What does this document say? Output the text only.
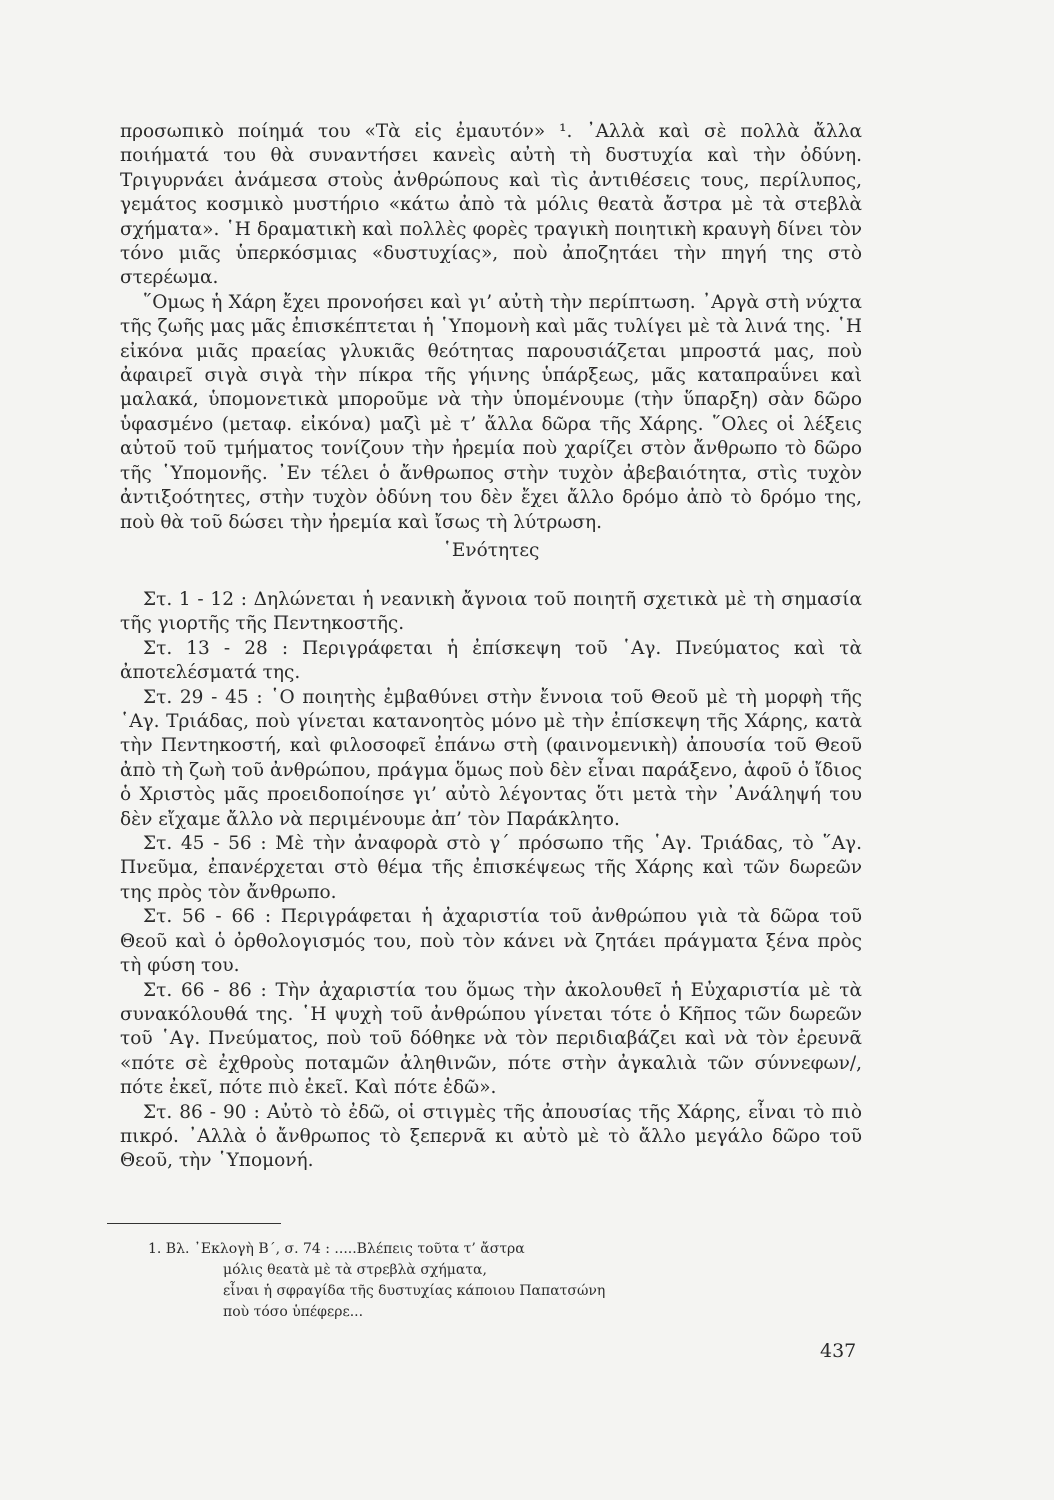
προσωπικὸ ποίημά του «Τὰ εἰς ἐμαυτόν» ¹. ᾿Αλλὰ καὶ σὲ πολλὰ ἄλλα ποιήματά του θὰ συναντήσει κανεὶς αὐτὴ τὴ δυστυχία καὶ τὴν ὀδύνη. Τριγυρνάει ἀνάμεσα στοὺς ἀνθρώπους καὶ τὶς ἀντιθέσεις τους, περίλυπος, γεμάτος κοσμικὸ μυστήριο «κάτω ἀπὸ τὰ μόλις θεατὰ ἄστρα μὲ τὰ στεβλὰ σχήματα». ῾Η δραματικὴ καὶ πολλὲς φορὲς τραγικὴ ποιητικὴ κραυγὴ δίνει τὸν τόνο μιᾶς ὑπερκόσμιας «δυστυχίας», ποὺ ἀποζητάει τὴν πηγή της στὸ στερέωμα.

῞Ομως ἡ Χάρη ἔχει προνοήσει καὶ γι’ αὐτὴ τὴν περίπτωση. ᾿Αργὰ στὴ νύχτα τῆς ζωῆς μας μᾶς ἐπισκέπτεται ἡ ῾Υπομονὴ καὶ μᾶς τυλίγει μὲ τὰ λινά της. ῾Η εἰκόνα μιᾶς πραείας γλυκιᾶς θεότητας παρουσιάζεται μπροστά μας, ποὺ ἀφαιρεῖ σιγὰ σιγὰ τὴν πίκρα τῆς γήινης ὑπάρξεως, μᾶς καταπραΰνει καὶ μαλακά, ὑπομονετικὰ μποροῦμε νὰ τὴν ὑπομένουμε (τὴν ὕπαρξη) σὰν δῶρο ὑφασμένο (μεταφ. εἰκόνα) μαζὶ μὲ τ’ ἄλλα δῶρα τῆς Χάρης. ῞Ολες οἱ λέξεις αὐτοῦ τοῦ τμήματος τονίζουν τὴν ἠρεμία ποὺ χαρίζει στὸν ἄνθρωπο τὸ δῶρο τῆς ῾Υπομονῆς. ᾿Εν τέλει ὁ ἄνθρωπος στὴν τυχὸν ἀβεβαιότητα, στὶς τυχὸν ἀντιξοότητες, στὴν τυχὸν ὀδύνη του δὲν ἔχει ἄλλο δρόμο ἀπὸ τὸ δρόμο της, ποὺ θὰ τοῦ δώσει τὴν ἠρεμία καὶ ἴσως τὴ λύτρωση.

῾Ενότητες

Στ. 1 - 12 : Δηλώνεται ἡ νεανικὴ ἄγνοια τοῦ ποιητῆ σχετικὰ μὲ τὴ σημασία τῆς γιορτῆς τῆς Πεντηκοστῆς.

Στ. 13 - 28 : Περιγράφεται ἡ ἐπίσκεψη τοῦ ῾Αγ. Πνεύματος καὶ τὰ ἀποτελέσματά της.

Στ. 29 - 45 : ῾Ο ποιητὴς ἐμβαθύνει στὴν ἔννοια τοῦ Θεοῦ μὲ τὴ μορφὴ τῆς ῾Αγ. Τριάδας, ποὺ γίνεται κατανοητὸς μόνο μὲ τὴν ἐπίσκεψη τῆς Χάρης, κατὰ τὴν Πεντηκοστή, καὶ φιλοσοφεῖ ἐπάνω στὴ (φαινομενικὴ) ἀπουσία τοῦ Θεοῦ ἀπὸ τὴ ζωὴ τοῦ ἀνθρώπου, πράγμα ὅμως ποὺ δὲν εἶναι παράξενο, ἀφοῦ ὁ ἴδιος ὁ Χριστὸς μᾶς προειδοποίησε γι’ αὐτὸ λέγοντας ὅτι μετὰ τὴν ᾿Ανάληψή του δὲν εἴχαμε ἄλλο νὰ περιμένουμε ἀπ’ τὸν Παράκλητο.

Στ. 45 - 56 : Μὲ τὴν ἀναφορὰ στὸ γ΄ πρόσωπο τῆς ῾Αγ. Τριάδας, τὸ ῞Αγ. Πνεῦμα, ἐπανέρχεται στὸ θέμα τῆς ἐπισκέψεως τῆς Χάρης καὶ τῶν δωρεῶν της πρὸς τὸν ἄνθρωπο.

Στ. 56 - 66 : Περιγράφεται ἡ ἀχαριστία τοῦ ἀνθρώπου γιὰ τὰ δῶρα τοῦ Θεοῦ καὶ ὁ ὀρθολογισμός του, ποὺ τὸν κάνει νὰ ζητάει πράγματα ξένα πρὸς τὴ φύση του.

Στ. 66 - 86 : Τὴν ἀχαριστία του ὅμως τὴν ἀκολουθεῖ ἡ Εὐχαριστία μὲ τὰ συνακόλουθά της. ῾Η ψυχὴ τοῦ ἀνθρώπου γίνεται τότε ὁ Κῆπος τῶν δωρεῶν τοῦ ῾Αγ. Πνεύματος, ποὺ τοῦ δόθηκε νὰ τὸν περιδιαβάζει καὶ νὰ τὸν ἐρευνᾶ «πότε σὲ ἐχθροὺς ποταμῶν ἀληθινῶν, πότε στὴν ἀγκαλιὰ τῶν σύννεφων/, πότε ἐκεῖ, πότε πιὸ ἐκεῖ. Καὶ πότε ἐδῶ».

Στ. 86 - 90 : Αὐτὸ τὸ ἐδῶ, οἱ στιγμὲς τῆς ἀπουσίας τῆς Χάρης, εἶναι τὸ πιὸ πικρό. ᾿Αλλὰ ὁ ἄνθρωπος τὸ ξεπερνᾶ κι αὐτὸ μὲ τὸ ἄλλο μεγάλο δῶρο τοῦ Θεοῦ, τὴν ῾Υπομονή.

1. Βλ. ᾿Εκλογὴ Β΄, σ. 74 : .....Βλέπεις τοῦτα τ’ ἄστρα
μόλις θεατὰ μὲ τὰ στρεβλὰ σχήματα,
εἶναι ἡ σφραγίδα τῆς δυστυχίας κάποιου Παπατσώνη
ποὺ τόσο ὑπέφερε...

437
